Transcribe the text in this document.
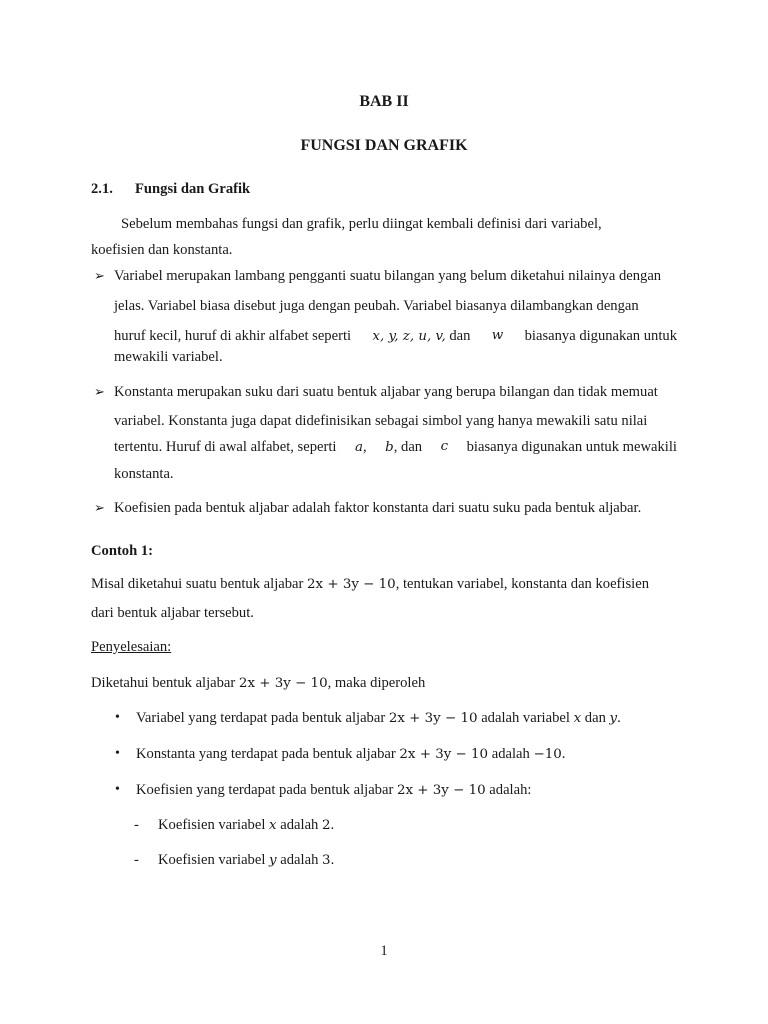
BAB II
FUNGSI DAN GRAFIK
2.1. Fungsi dan Grafik
Sebelum membahas fungsi dan grafik, perlu diingat kembali definisi dari variabel,
koefisien dan konstanta.
➢ Variabel merupakan lambang pengganti suatu bilangan yang belum diketahui nilainya dengan
jelas. Variabel biasa disebut juga dengan peubah. Variabel biasanya dilambangkan dengan
huruf kecil, huruf di akhir alfabet seperti x, y, z, u, v, dan w biasanya digunakan untuk
mewakili variabel.
➢ Konstanta merupakan suku dari suatu bentuk aljabar yang berupa bilangan dan tidak memuat
variabel. Konstanta juga dapat didefinisikan sebagai simbol yang hanya mewakili satu nilai
tertentu. Huruf di awal alfabet, seperti a, b, dan c biasanya digunakan untuk mewakili
konstanta.
➢ Koefisien pada bentuk aljabar adalah faktor konstanta dari suatu suku pada bentuk aljabar.
Contoh 1:
Misal diketahui suatu bentuk aljabar 2x + 3y − 10, tentukan variabel, konstanta dan koefisien
dari bentuk aljabar tersebut.
Penyelesaian:
Diketahui bentuk aljabar 2x + 3y − 10, maka diperoleh
• Variabel yang terdapat pada bentuk aljabar 2x + 3y − 10 adalah variabel x dan y.
• Konstanta yang terdapat pada bentuk aljabar 2x + 3y − 10 adalah −10.
• Koefisien yang terdapat pada bentuk aljabar 2x + 3y − 10 adalah:
- Koefisien variabel x adalah 2.
- Koefisien variabel y adalah 3.
1
